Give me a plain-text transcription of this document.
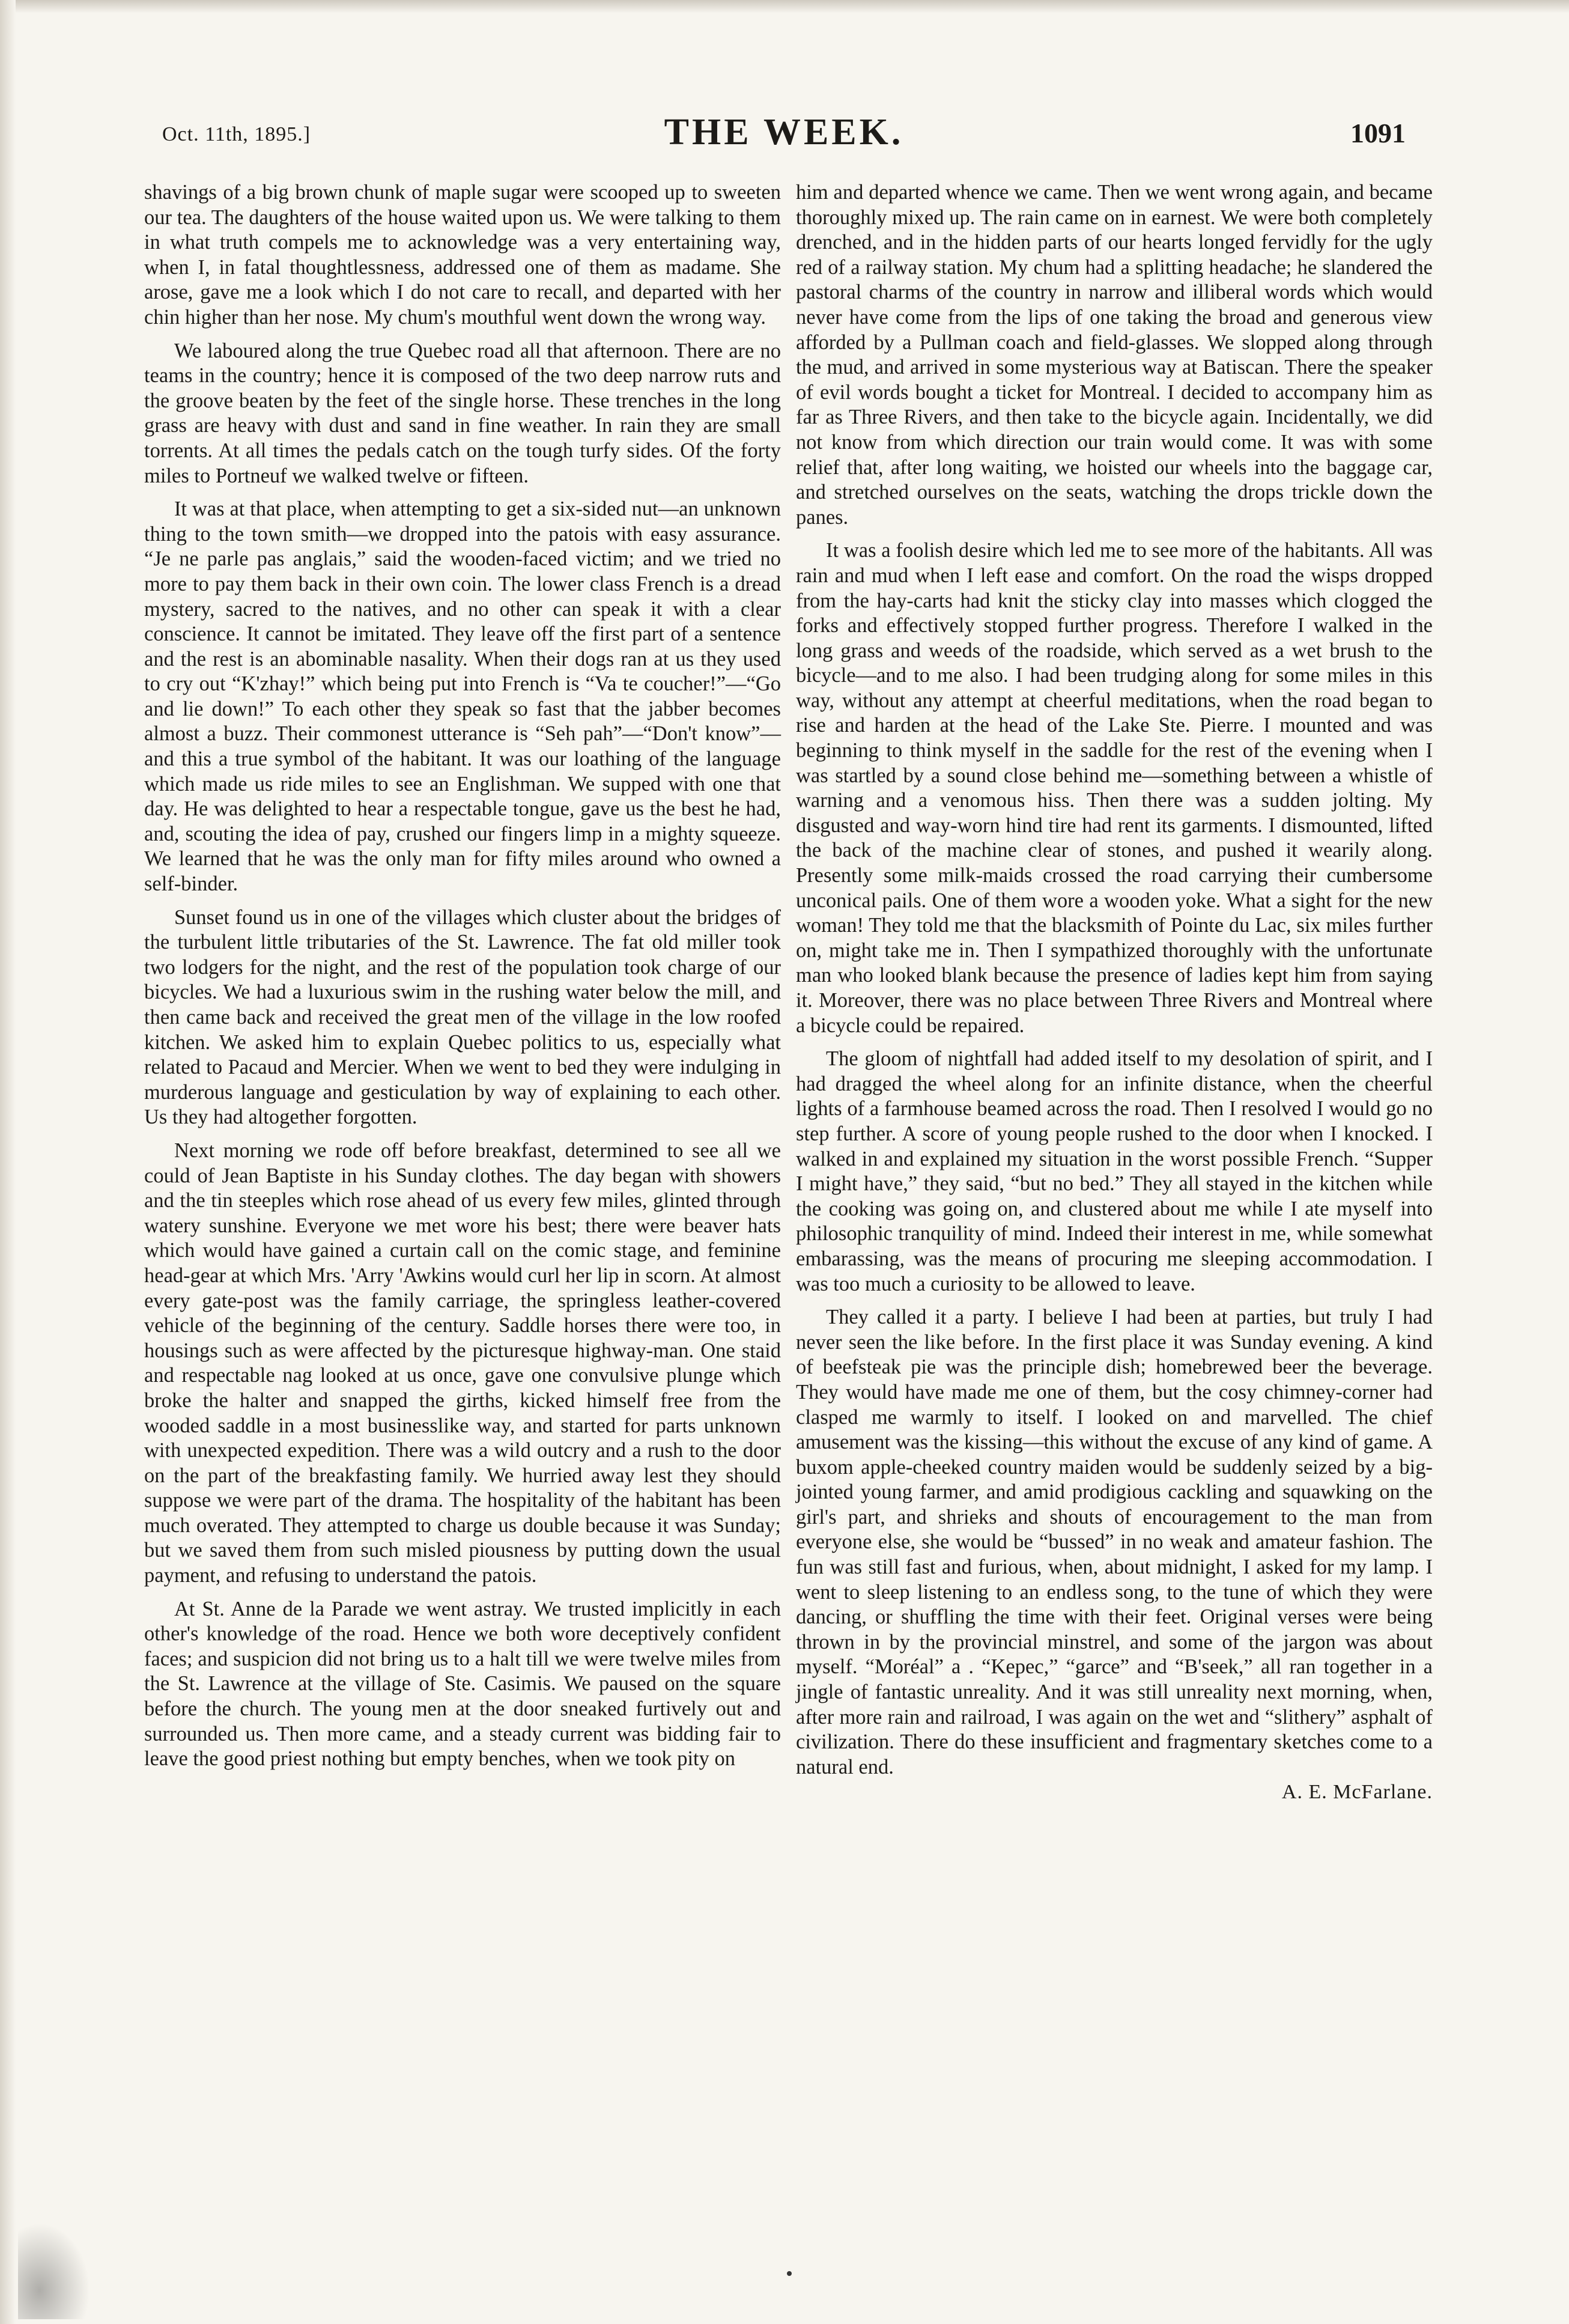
Oct. 11th, 1895.]	THE WEEK.	1091

shavings of a big brown chunk of maple sugar were scooped up to sweeten our tea. The daughters of the house waited upon us. We were talking to them in what truth compels me to acknowledge was a very entertaining way, when I, in fatal thoughtlessness, addressed one of them as madame. She arose, gave me a look which I do not care to recall, and departed with her chin higher than her nose. My chum's mouthful went down the wrong way.

We laboured along the true Quebec road all that afternoon. There are no teams in the country; hence it is composed of the two deep narrow ruts and the groove beaten by the feet of the single horse. These trenches in the long grass are heavy with dust and sand in fine weather. In rain they are small torrents. At all times the pedals catch on the tough turfy sides. Of the forty miles to Portneuf we walked twelve or fifteen.

It was at that place, when attempting to get a six-sided nut—an unknown thing to the town smith—we dropped into the patois with easy assurance. “Je ne parle pas anglais,” said the wooden-faced victim; and we tried no more to pay them back in their own coin. The lower class French is a dread mystery, sacred to the natives, and no other can speak it with a clear conscience. It cannot be imitated. They leave off the first part of a sentence and the rest is an abominable nasality. When their dogs ran at us they used to cry out “K'zhay!” which being put into French is “Va te coucher!”—“Go and lie down!” To each other they speak so fast that the jabber becomes almost a buzz. Their commonest utterance is “Seh pah”—“Don't know”—and this a true symbol of the habitant. It was our loathing of the language which made us ride miles to see an Englishman. We supped with one that day. He was delighted to hear a respectable tongue, gave us the best he had, and, scouting the idea of pay, crushed our fingers limp in a mighty squeeze. We learned that he was the only man for fifty miles around who owned a self-binder.

Sunset found us in one of the villages which cluster about the bridges of the turbulent little tributaries of the St. Lawrence. The fat old miller took two lodgers for the night, and the rest of the population took charge of our bicycles. We had a luxurious swim in the rushing water below the mill, and then came back and received the great men of the village in the low roofed kitchen. We asked him to explain Quebec politics to us, especially what related to Pacaud and Mercier. When we went to bed they were indulging in murderous language and gesticulation by way of explaining to each other. Us they had altogether forgotten.

Next morning we rode off before breakfast, determined to see all we could of Jean Baptiste in his Sunday clothes. The day began with showers and the tin steeples which rose ahead of us every few miles, glinted through watery sunshine. Everyone we met wore his best; there were beaver hats which would have gained a curtain call on the comic stage, and feminine head-gear at which Mrs. 'Arry 'Awkins would curl her lip in scorn. At almost every gate-post was the family carriage, the springless leather-covered vehicle of the beginning of the century. Saddle horses there were too, in housings such as were affected by the picturesque highway-man. One staid and respectable nag looked at us once, gave one convulsive plunge which broke the halter and snapped the girths, kicked himself free from the wooded saddle in a most businesslike way, and started for parts unknown with unexpected expedition. There was a wild outcry and a rush to the door on the part of the breakfasting family. We hurried away lest they should suppose we were part of the drama. The hospitality of the habitant has been much overated. They attempted to charge us double because it was Sunday; but we saved them from such misled piousness by putting down the usual payment, and refusing to understand the patois.

At St. Anne de la Parade we went astray. We trusted implicitly in each other's knowledge of the road. Hence we both wore deceptively confident faces; and suspicion did not bring us to a halt till we were twelve miles from the St. Lawrence at the village of Ste. Casimis. We paused on the square before the church. The young men at the door sneaked furtively out and surrounded us. Then more came, and a steady current was bidding fair to leave the good priest nothing but empty benches, when we took pity on

him and departed whence we came. Then we went wrong again, and became thoroughly mixed up. The rain came on in earnest. We were both completely drenched, and in the hidden parts of our hearts longed fervidly for the ugly red of a railway station. My chum had a splitting headache; he slandered the pastoral charms of the country in narrow and illiberal words which would never have come from the lips of one taking the broad and generous view afforded by a Pullman coach and field-glasses. We slopped along through the mud, and arrived in some mysterious way at Batiscan. There the speaker of evil words bought a ticket for Montreal. I decided to accompany him as far as Three Rivers, and then take to the bicycle again. Incidentally, we did not know from which direction our train would come. It was with some relief that, after long waiting, we hoisted our wheels into the baggage car, and stretched ourselves on the seats, watching the drops trickle down the panes.

It was a foolish desire which led me to see more of the habitants. All was rain and mud when I left ease and comfort. On the road the wisps dropped from the hay-carts had knit the sticky clay into masses which clogged the forks and effectively stopped further progress. Therefore I walked in the long grass and weeds of the roadside, which served as a wet brush to the bicycle—and to me also. I had been trudging along for some miles in this way, without any attempt at cheerful meditations, when the road began to rise and harden at the head of the Lake Ste. Pierre. I mounted and was beginning to think myself in the saddle for the rest of the evening when I was startled by a sound close behind me—something between a whistle of warning and a venomous hiss. Then there was a sudden jolting. My disgusted and way-worn hind tire had rent its garments. I dismounted, lifted the back of the machine clear of stones, and pushed it wearily along. Presently some milk-maids crossed the road carrying their cumbersome unconical pails. One of them wore a wooden yoke. What a sight for the new woman! They told me that the blacksmith of Pointe du Lac, six miles further on, might take me in. Then I sympathized thoroughly with the unfortunate man who looked blank because the presence of ladies kept him from saying it. Moreover, there was no place between Three Rivers and Montreal where a bicycle could be repaired.

The gloom of nightfall had added itself to my desolation of spirit, and I had dragged the wheel along for an infinite distance, when the cheerful lights of a farmhouse beamed across the road. Then I resolved I would go no step further. A score of young people rushed to the door when I knocked. I walked in and explained my situation in the worst possible French. “Supper I might have,” they said, “but no bed.” They all stayed in the kitchen while the cooking was going on, and clustered about me while I ate myself into philosophic tranquility of mind. Indeed their interest in me, while somewhat embarassing, was the means of procuring me sleeping accommodation. I was too much a curiosity to be allowed to leave.

They called it a party. I believe I had been at parties, but truly I had never seen the like before. In the first place it was Sunday evening. A kind of beefsteak pie was the principle dish; homebrewed beer the beverage. They would have made me one of them, but the cosy chimney-corner had clasped me warmly to itself. I looked on and marvelled. The chief amusement was the kissing—this without the excuse of any kind of game. A buxom apple-cheeked country maiden would be suddenly seized by a big-jointed young farmer, and amid prodigious cackling and squawking on the girl's part, and shrieks and shouts of encouragement to the man from everyone else, she would be “bussed” in no weak and amateur fashion. The fun was still fast and furious, when, about midnight, I asked for my lamp. I went to sleep listening to an endless song, to the tune of which they were dancing, or shuffling the time with their feet. Original verses were being thrown in by the provincial minstrel, and some of the jargon was about myself. “Moréal” a . “Kepec,” “garce” and “B'seek,” all ran together in a jingle of fantastic unreality. And it was still unreality next morning, when, after more rain and railroad, I was again on the wet and “slithery” asphalt of civilization. There do these insufficient and fragmentary sketches come to a natural end.

A. E. McFarlane.
